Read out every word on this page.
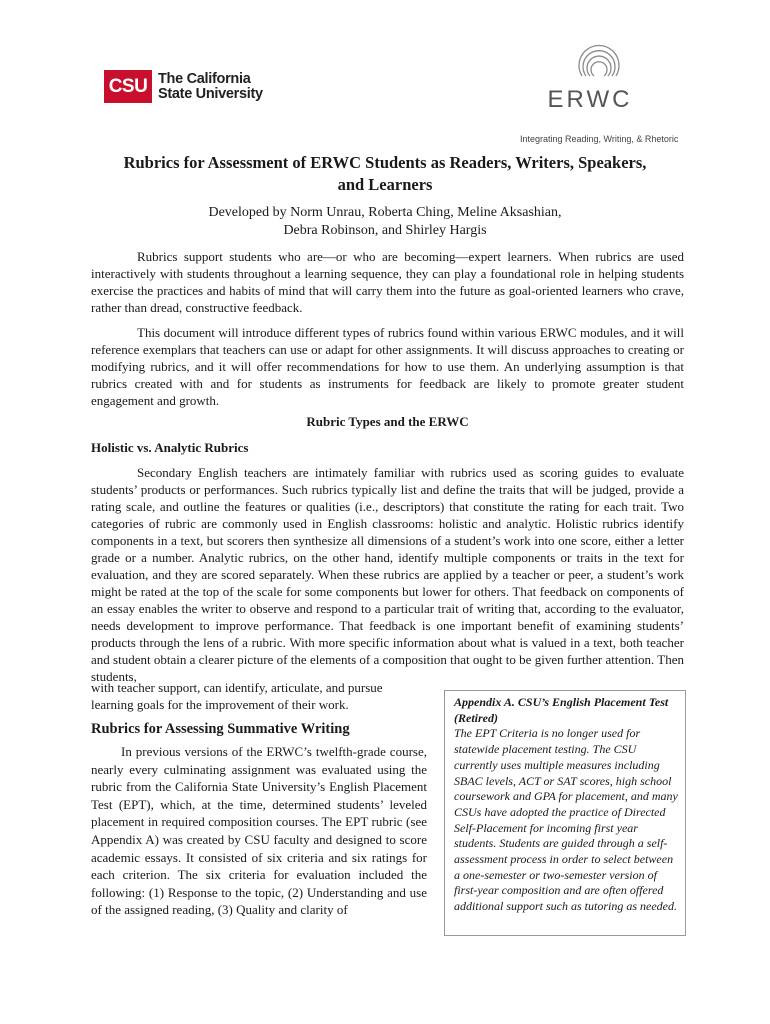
CSU The California
State University	ERWC
Integrating Reading, Writing, & Rhetoric
Rubrics for Assessment of ERWC Students as Readers, Writers, Speakers,
and Learners
Developed by Norm Unrau, Roberta Ching, Meline Aksashian,
Debra Robinson, and Shirley Hargis

Rubrics support students who are—or who are becoming—expert learners. When rubrics are used interactively with students throughout a learning sequence, they can play a foundational role in helping students exercise the practices and habits of mind that will carry them into the future as goal-oriented learners who crave, rather than dread, constructive feedback.

This document will introduce different types of rubrics found within various ERWC modules, and it will reference exemplars that teachers can use or adapt for other assignments. It will discuss approaches to creating or modifying rubrics, and it will offer recommendations for how to use them. An underlying assumption is that rubrics created with and for students as instruments for feedback are likely to promote greater student engagement and growth.

Rubric Types and the ERWC
Holistic vs. Analytic Rubrics

Secondary English teachers are intimately familiar with rubrics used as scoring guides to evaluate students’ products or performances. Such rubrics typically list and define the traits that will be judged, provide a rating scale, and outline the features or qualities (i.e., descriptors) that constitute the rating for each trait. Two categories of rubric are commonly used in English classrooms: holistic and analytic. Holistic rubrics identify components in a text, but scorers then synthesize all dimensions of a student’s work into one score, either a letter grade or a number. Analytic rubrics, on the other hand, identify multiple components or traits in the text for evaluation, and they are scored separately. When these rubrics are applied by a teacher or peer, a student’s work might be rated at the top of the scale for some components but lower for others. That feedback on components of an essay enables the writer to observe and respond to a particular trait of writing that, according to the evaluator, needs development to improve performance. That feedback is one important benefit of examining students’ products through the lens of a rubric. With more specific information about what is valued in a text, both teacher and student obtain a clearer picture of the elements of a composition that ought to be given further attention. Then students,

with teacher support, can identify, articulate, and pursue learning goals for the improvement of their work.

Rubrics for Assessing Summative Writing

In previous versions of the ERWC’s twelfth-grade course, nearly every culminating assignment was evaluated using the rubric from the California State University’s English Placement Test (EPT), which, at the time, determined students’ leveled placement in required composition courses. The EPT rubric (see Appendix A) was created by CSU faculty and designed to score academic essays. It consisted of six criteria and six ratings for each criterion. The six criteria for evaluation included the following: (1) Response to the topic, (2) Understanding and use of the assigned reading, (3) Quality and clarity of

Appendix A. CSU’s English Placement Test (Retired)
The EPT Criteria is no longer used for statewide placement testing. The CSU currently uses multiple measures including SBAC levels, ACT or SAT scores, high school coursework and GPA for placement, and many CSUs have adopted the practice of Directed Self-Placement for incoming first year students. Students are guided through a self-assessment process in order to select between a one-semester or two-semester version of first-year composition and are often offered additional support such as tutoring as needed.
